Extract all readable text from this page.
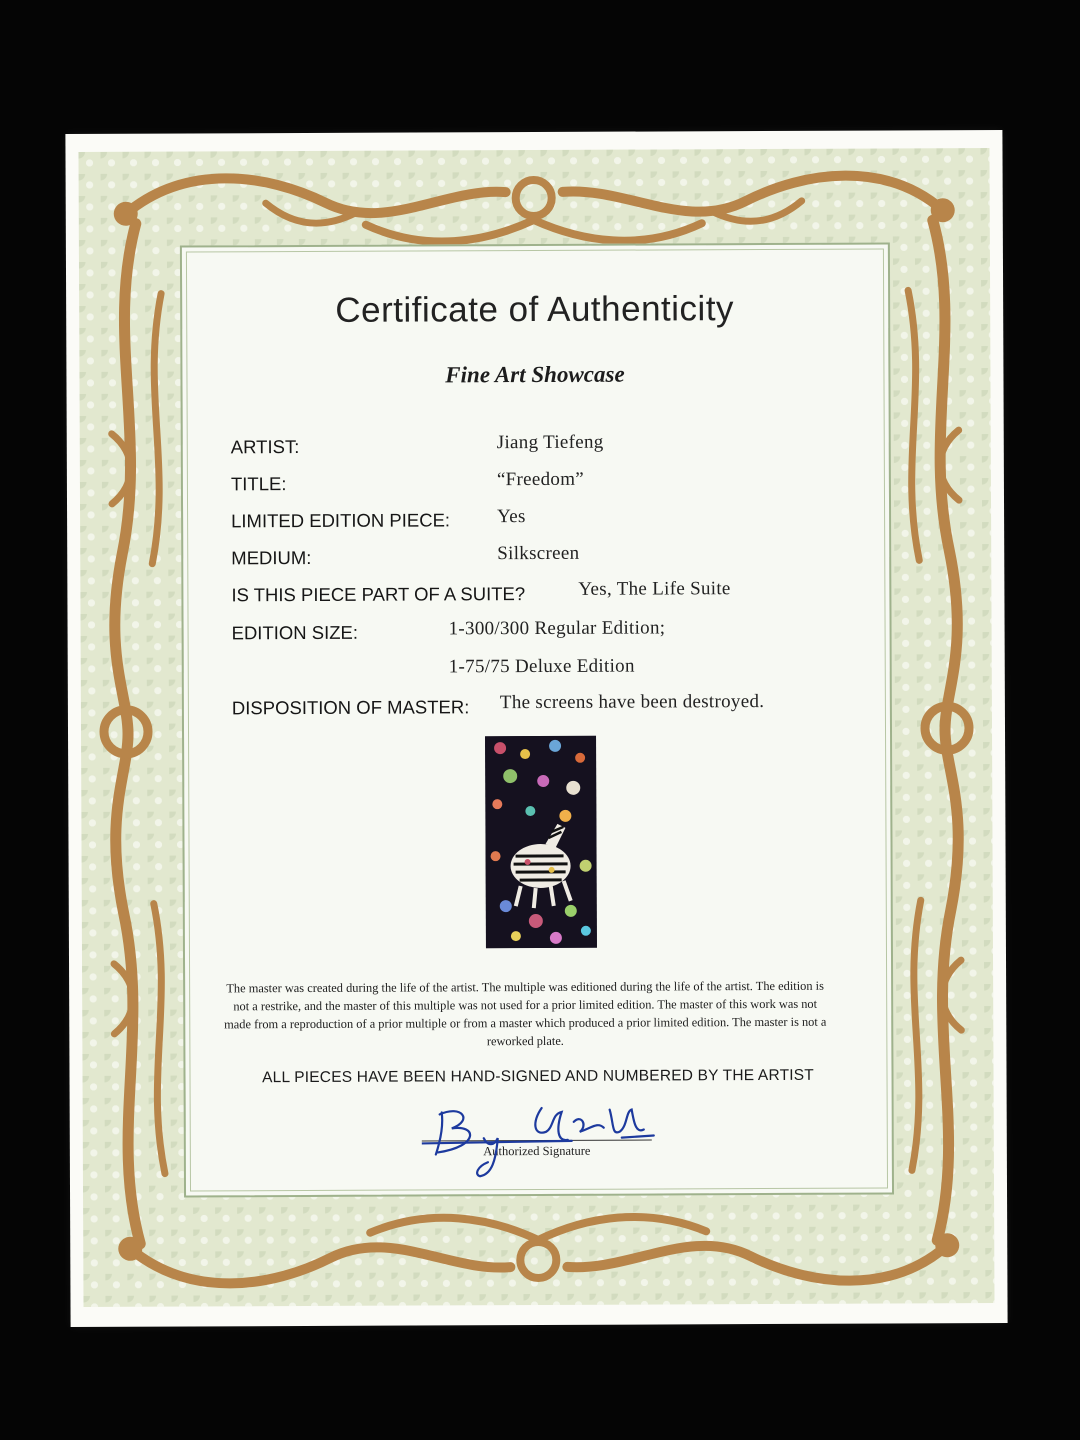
Certificate of Authenticity
Fine Art Showcase
ARTIST:	Jiang Tiefeng
TITLE:	“Freedom”
LIMITED EDITION PIECE: Yes
MEDIUM:	Silkscreen
IS THIS PIECE PART OF A SUITE?	Yes, The Life Suite
EDITION SIZE:	1-300/300 Regular Edition;
1-75/75 Deluxe Edition
DISPOSITION OF MASTER: The screens have been destroyed.
The master was created during the life of the artist. The multiple was editioned during the life of the artist. The edition is not a restrike, and the master of this multiple was not used for a prior limited edition. The master of this work was not made from a reproduction of a prior multiple or from a master which produced a prior limited edition. The master is not a reworked plate.
ALL PIECES HAVE BEEN HAND-SIGNED AND NUMBERED BY THE ARTIST
Authorized Signature
